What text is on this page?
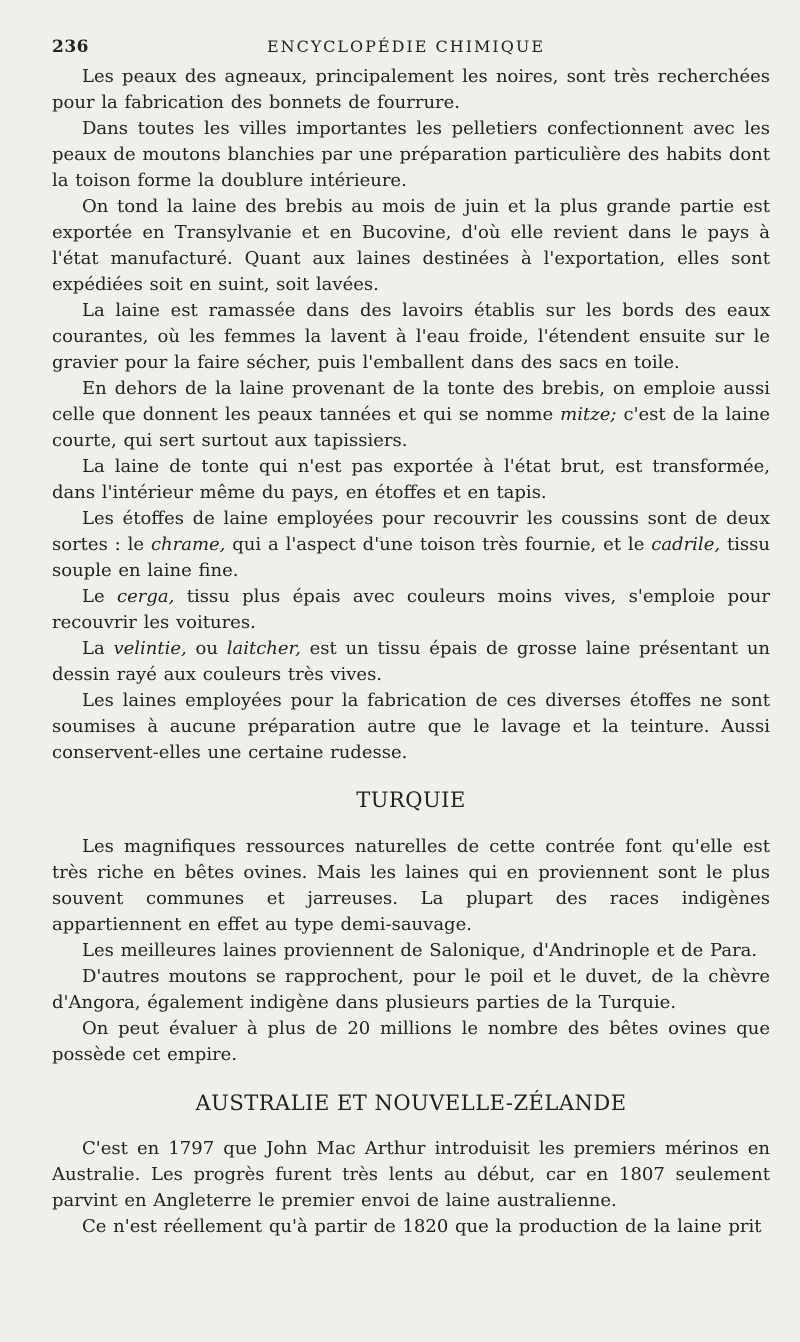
236	ENCYCLOPÉDIE CHIMIQUE

Les peaux des agneaux, principalement les noires, sont très recherchées pour la fabrication des bonnets de fourrure.

Dans toutes les villes importantes les pelletiers confectionnent avec les peaux de moutons blanchies par une préparation particulière des habits dont la toison forme la doublure intérieure.

On tond la laine des brebis au mois de juin et la plus grande partie est exportée en Transylvanie et en Bucovine, d'où elle revient dans le pays à l'état manufacturé. Quant aux laines destinées à l'exportation, elles sont expédiées soit en suint, soit lavées.

La laine est ramassée dans des lavoirs établis sur les bords des eaux courantes, où les femmes la lavent à l'eau froide, l'étendent ensuite sur le gravier pour la faire sécher, puis l'emballent dans des sacs en toile.

En dehors de la laine provenant de la tonte des brebis, on emploie aussi celle que donnent les peaux tannées et qui se nomme mitze; c'est de la laine courte, qui sert surtout aux tapissiers.

La laine de tonte qui n'est pas exportée à l'état brut, est transformée, dans l'intérieur même du pays, en étoffes et en tapis.

Les étoffes de laine employées pour recouvrir les coussins sont de deux sortes : le chrame, qui a l'aspect d'une toison très fournie, et le cadrile, tissu souple en laine fine.

Le cerga, tissu plus épais avec couleurs moins vives, s'emploie pour recouvrir les voitures.

La velintie, ou laitcher, est un tissu épais de grosse laine présentant un dessin rayé aux couleurs très vives.

Les laines employées pour la fabrication de ces diverses étoffes ne sont soumises à aucune préparation autre que le lavage et la teinture. Aussi conservent-elles une certaine rudesse.

TURQUIE

Les magnifiques ressources naturelles de cette contrée font qu'elle est très riche en bêtes ovines. Mais les laines qui en proviennent sont le plus souvent communes et jarreuses. La plupart des races indigènes appartiennent en effet au type demi-sauvage.

Les meilleures laines proviennent de Salonique, d'Andrinople et de Para.

D'autres moutons se rapprochent, pour le poil et le duvet, de la chèvre d'Angora, également indigène dans plusieurs parties de la Turquie.

On peut évaluer à plus de 20 millions le nombre des bêtes ovines que possède cet empire.

AUSTRALIE ET NOUVELLE-ZÉLANDE

C'est en 1797 que John Mac Arthur introduisit les premiers mérinos en Australie. Les progrès furent très lents au début, car en 1807 seulement parvint en Angleterre le premier envoi de laine australienne.

Ce n'est réellement qu'à partir de 1820 que la production de la laine prit
